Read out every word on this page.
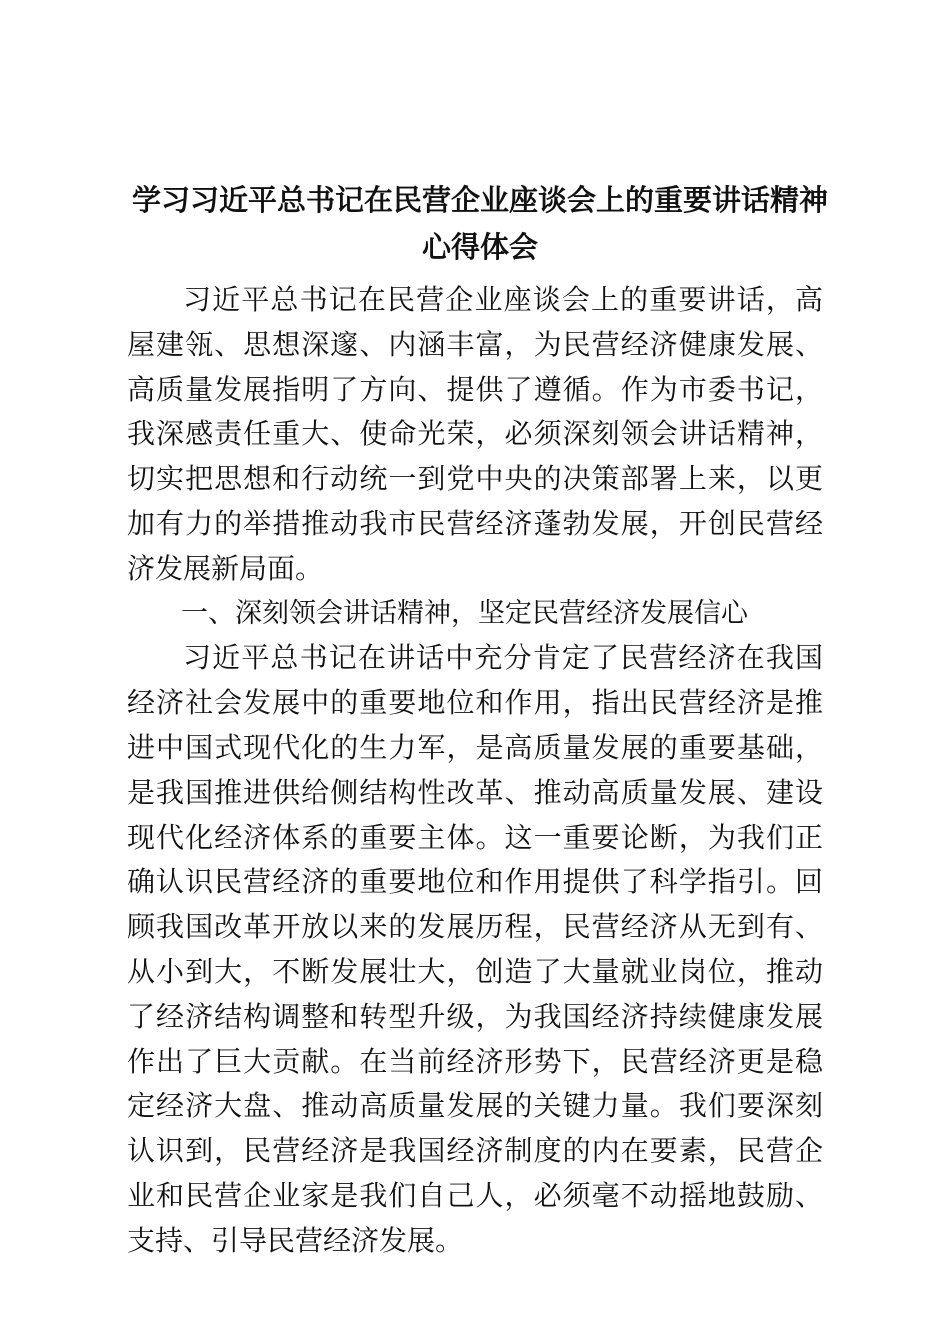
学习习近平总书记在民营企业座谈会上的重要讲话精神
心得体会

习近平总书记在民营企业座谈会上的重要讲话，高屋建瓴、思想深邃、内涵丰富，为民营经济健康发展、高质量发展指明了方向、提供了遵循。作为市委书记，我深感责任重大、使命光荣，必须深刻领会讲话精神，切实把思想和行动统一到党中央的决策部署上来，以更加有力的举措推动我市民营经济蓬勃发展，开创民营经济发展新局面。

一、深刻领会讲话精神，坚定民营经济发展信心

习近平总书记在讲话中充分肯定了民营经济在我国经济社会发展中的重要地位和作用，指出民营经济是推进中国式现代化的生力军，是高质量发展的重要基础，是我国推进供给侧结构性改革、推动高质量发展、建设现代化经济体系的重要主体。这一重要论断，为我们正确认识民营经济的重要地位和作用提供了科学指引。回顾我国改革开放以来的发展历程，民营经济从无到有、从小到大，不断发展壮大，创造了大量就业岗位，推动了经济结构调整和转型升级，为我国经济持续健康发展作出了巨大贡献。在当前经济形势下，民营经济更是稳定经济大盘、推动高质量发展的关键力量。我们要深刻认识到，民营经济是我国经济制度的内在要素，民营企业和民营企业家是我们自己人，必须毫不动摇地鼓励、支持、引导民营经济发展。
